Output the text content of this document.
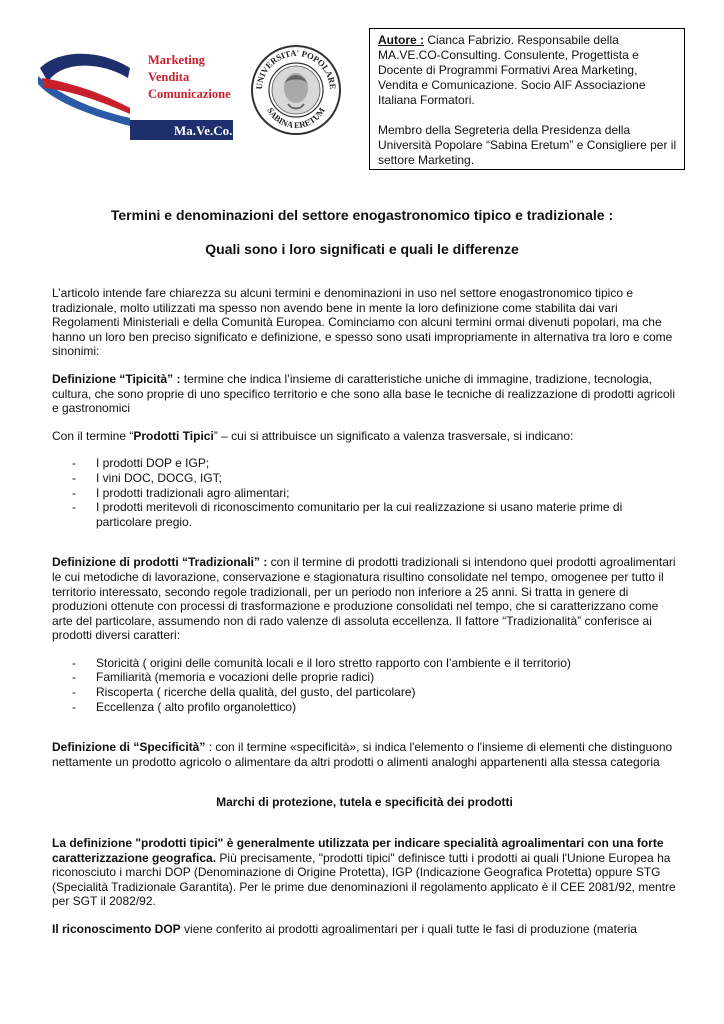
Marketing
Vendita
Comunicazione
Ma.Ve.Co.
UNIVERSITA' POPOLARE
SABINA ERETUM

Autore : Cianca Fabrizio. Responsabile della MA.VE.CO-Consulting. Consulente, Progettista e Docente di Programmi Formativi Area Marketing, Vendita e Comunicazione. Socio AIF Associazione Italiana Formatori.

Membro della Segreteria della Presidenza della Università Popolare “Sabina Eretum” e Consigliere per il settore Marketing.

Termini e denominazioni del settore enogastronomico tipico e tradizionale :
Quali sono i loro significati e quali le differenze

L’articolo intende fare chiarezza su alcuni termini e denominazioni in uso nel settore enogastronomico tipico e tradizionale, molto utilizzati ma spesso non avendo bene in mente la loro definizione come stabilita dai vari Regolamenti Ministeriali e della Comunità Europea. Cominciamo con alcuni termini ormai divenuti popolari, ma che hanno un loro ben preciso significato e definizione, e spesso sono usati impropriamente in alternativa tra loro e come sinonimi:

Definizione “Tipicità” : termine che indica l’insieme di caratteristiche uniche di immagine, tradizione, tecnologia, cultura, che sono proprie di uno specifico territorio e che sono alla base le tecniche di realizzazione di prodotti agricoli e gastronomici

Con il termine “Prodotti Tipici” – cui si attribuisce un significato a valenza trasversale, si indicano:

- I prodotti DOP e IGP;
- I vini DOC, DOCG, IGT;
- I prodotti tradizionali agro alimentari;
- I prodotti meritevoli di riconoscimento comunitario per la cui realizzazione si usano materie prime di particolare pregio.

Definizione di prodotti “Tradizionali” : con il termine di prodotti tradizionali si intendono quei prodotti agroalimentari le cui metodiche di lavorazione, conservazione e stagionatura risultino consolidate nel tempo, omogenee per tutto il territorio interessato, secondo regole tradizionali, per un periodo non inferiore a 25 anni. Si tratta in genere di produzioni ottenute con processi di trasformazione e produzione consolidati nel tempo, che si caratterizzano come arte del particolare, assumendo non di rado valenze di assoluta eccellenza. Il fattore “Tradizionalità” conferisce ai prodotti diversi caratteri:

- Storicità ( origini delle comunità locali e il loro stretto rapporto con l’ambiente e il territorio)
- Familiarità (memoria e vocazioni delle proprie radici)
- Riscoperta ( ricerche della qualità, del gusto, del particolare)
- Eccellenza ( alto profilo organolettico)

Definizione di “Specificità” : con il termine «specificità», si indica l'elemento o l'insieme di elementi che distinguono nettamente un prodotto agricolo o alimentare da altri prodotti o alimenti analoghi appartenenti alla stessa categoria

Marchi di protezione, tutela e specificità dei prodotti

La definizione "prodotti tipici" è generalmente utilizzata per indicare specialità agroalimentari con una forte caratterizzazione geografica. Più precisamente, "prodotti tipici" definisce tutti i prodotti ai quali l'Unione Europea ha riconosciuto i marchi DOP (Denominazione di Origine Protetta), IGP (Indicazione Geografica Protetta) oppure STG (Specialità Tradizionale Garantita). Per le prime due denominazioni il regolamento applicato è il CEE 2081/92, mentre per SGT il 2082/92.

Il riconoscimento DOP viene conferito ai prodotti agroalimentari per i quali tutte le fasi di produzione (materia
